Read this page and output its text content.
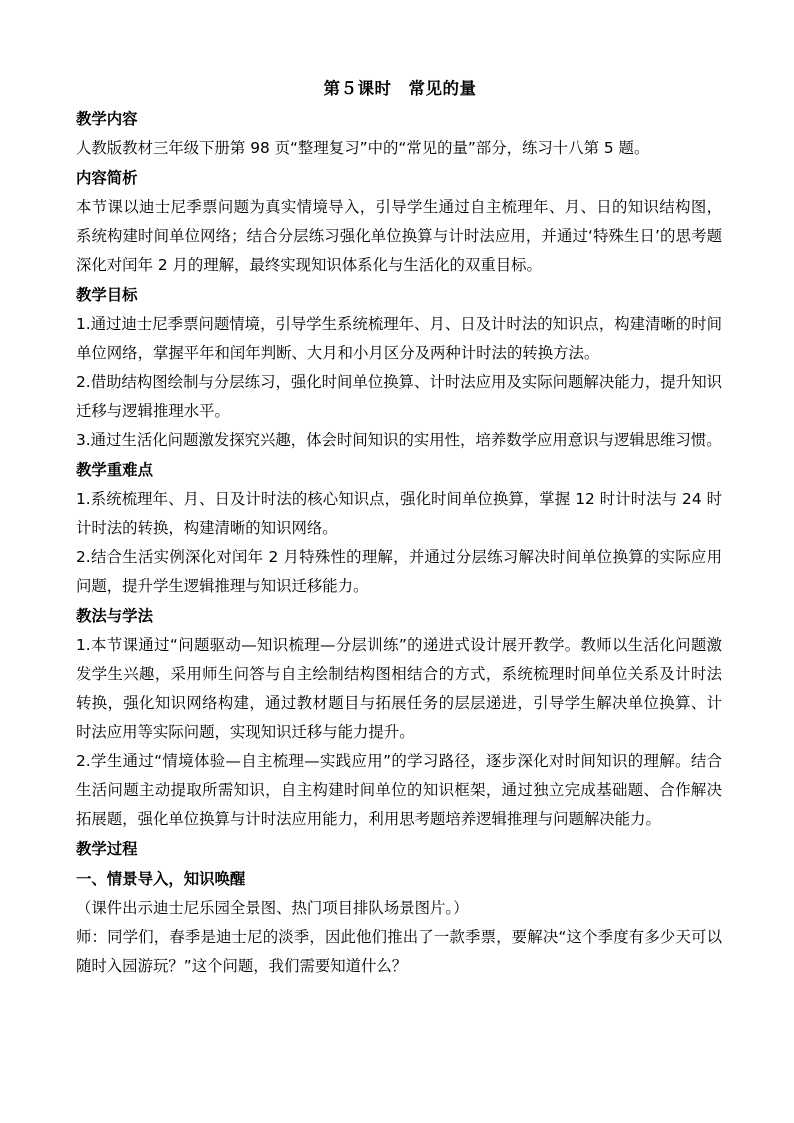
第５课时　常见的量
教学内容

人教版教材三年级下册第 98 页“整理复习”中的“常见的量”部分，练习十八第 5 题。

内容简析

本节课以迪士尼季票问题为真实情境导入，引导学生通过自主梳理年、月、日的知识结构图，系统构建时间单位网络；结合分层练习强化单位换算与计时法应用，并通过‘特殊生日’的思考题深化对闰年 2 月的理解，最终实现知识体系化与生活化的双重目标。

教学目标

1.通过迪士尼季票问题情境，引导学生系统梳理年、月、日及计时法的知识点，构建清晰的时间单位网络，掌握平年和闰年判断、大月和小月区分及两种计时法的转换方法。

2.借助结构图绘制与分层练习，强化时间单位换算、计时法应用及实际问题解决能力，提升知识迁移与逻辑推理水平。

3.通过生活化问题激发探究兴趣，体会时间知识的实用性，培养数学应用意识与逻辑思维习惯。

教学重难点

1.系统梳理年、月、日及计时法的核心知识点，强化时间单位换算，掌握 12 时计时法与 24 时计时法的转换，构建清晰的知识网络。

2.结合生活实例深化对闰年 2 月特殊性的理解，并通过分层练习解决时间单位换算的实际应用问题，提升学生逻辑推理与知识迁移能力。

教法与学法

1.本节课通过“问题驱动—知识梳理—分层训练”的递进式设计展开教学。教师以生活化问题激发学生兴趣，采用师生问答与自主绘制结构图相结合的方式，系统梳理时间单位关系及计时法转换，强化知识网络构建，通过教材题目与拓展任务的层层递进，引导学生解决单位换算、计时法应用等实际问题，实现知识迁移与能力提升。

2.学生通过“情境体验—自主梳理—实践应用”的学习路径，逐步深化对时间知识的理解。结合生活问题主动提取所需知识，自主构建时间单位的知识框架，通过独立完成基础题、合作解决拓展题，强化单位换算与计时法应用能力，利用思考题培养逻辑推理与问题解决能力。

教学过程
一、情景导入，知识唤醒

（课件出示迪士尼乐园全景图、热门项目排队场景图片。）

师：同学们，春季是迪士尼的淡季，因此他们推出了一款季票，要解决“这个季度有多少天可以随时入园游玩？”这个问题，我们需要知道什么？
